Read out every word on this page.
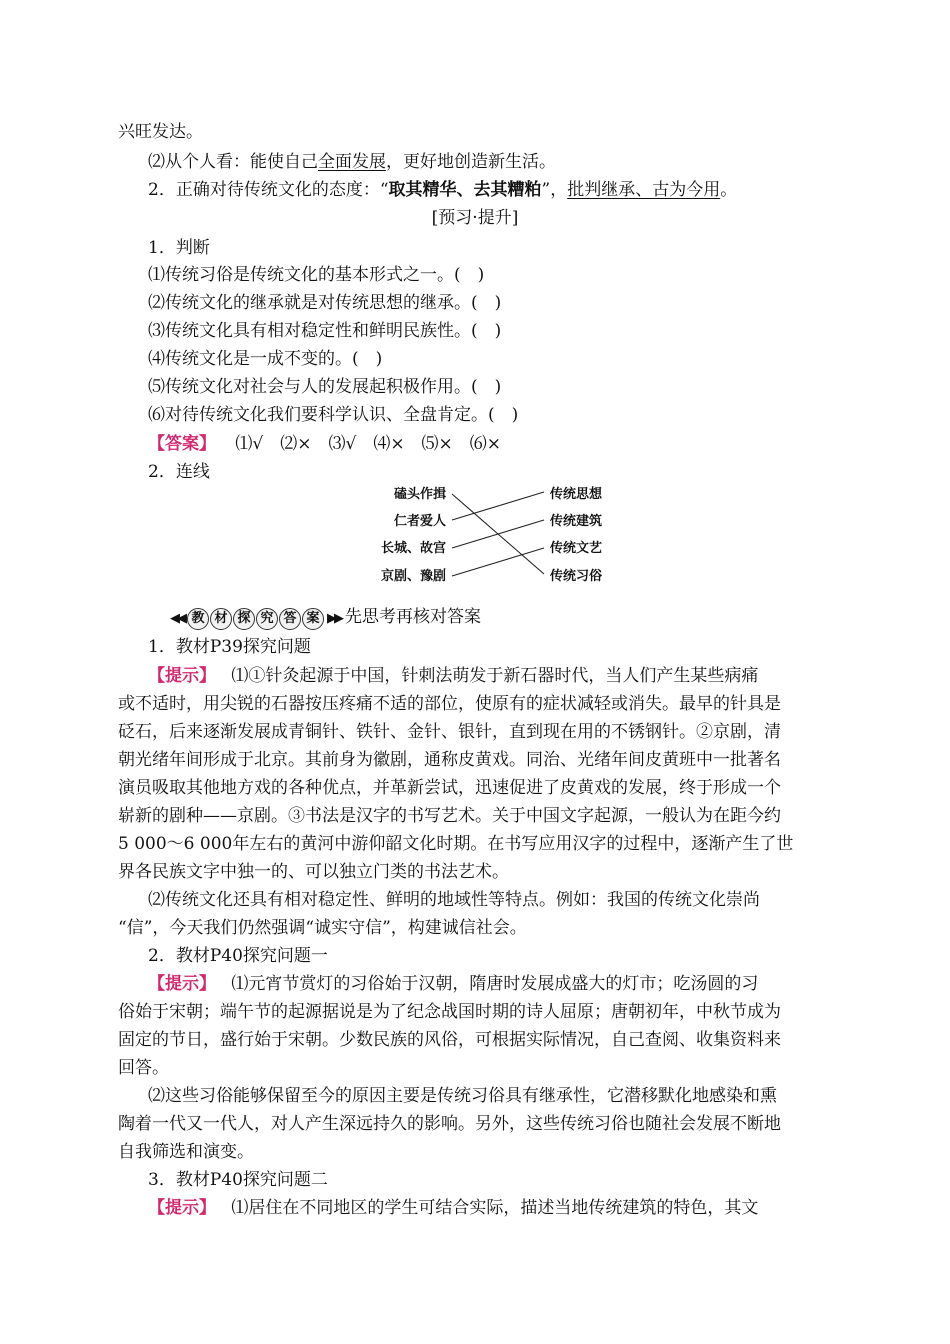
兴旺发达。
⑵从个人看：能使自己全面发展，更好地创造新生活。
2．正确对待传统文化的态度：“取其精华、去其糟粕”，批判继承、古为今用。
[预习·提升]
1．判断
⑴传统习俗是传统文化的基本形式之一。(　)
⑵传统文化的继承就是对传统思想的继承。(　)
⑶传统文化具有相对稳定性和鲜明民族性。(　)
⑷传统文化是一成不变的。(　)
⑸传统文化对社会与人的发展起积极作用。(　)
⑹对待传统文化我们要科学认识、全盘肯定。(　)
【答案】 ⑴√　⑵×　⑶√　⑷×　⑸×　⑹×
2．连线
磕头作揖
仁者爱人
长城、故宫
京剧、豫剧
传统思想
传统建筑
传统文艺
传统习俗
◀◀ 教 材 探 究 答 案 ▶▶ 先思考再核对答案
1．教材P39探究问题
【提示】 ⑴①针灸起源于中国，针刺法萌发于新石器时代，当人们产生某些病痛
或不适时，用尖锐的石器按压疼痛不适的部位，使原有的症状减轻或消失。最早的针具是
砭石，后来逐渐发展成青铜针、铁针、金针、银针，直到现在用的不锈钢针。②京剧，清
朝光绪年间形成于北京。其前身为徽剧，通称皮黄戏。同治、光绪年间皮黄班中一批著名
演员吸取其他地方戏的各种优点，并革新尝试，迅速促进了皮黄戏的发展，终于形成一个
崭新的剧种——京剧。③书法是汉字的书写艺术。关于中国文字起源，一般认为在距今约
5 000～6 000年左右的黄河中游仰韶文化时期。在书写应用汉字的过程中，逐渐产生了世
界各民族文字中独一的、可以独立门类的书法艺术。
⑵传统文化还具有相对稳定性、鲜明的地域性等特点。例如：我国的传统文化崇尚
“信”，今天我们仍然强调“诚实守信”，构建诚信社会。
2．教材P40探究问题一
【提示】 ⑴元宵节赏灯的习俗始于汉朝，隋唐时发展成盛大的灯市；吃汤圆的习
俗始于宋朝；端午节的起源据说是为了纪念战国时期的诗人屈原；唐朝初年，中秋节成为
固定的节日，盛行始于宋朝。少数民族的风俗，可根据实际情况，自己查阅、收集资料来
回答。
⑵这些习俗能够保留至今的原因主要是传统习俗具有继承性，它潜移默化地感染和熏
陶着一代又一代人，对人产生深远持久的影响。另外，这些传统习俗也随社会发展不断地
自我筛选和演变。
3．教材P40探究问题二
【提示】 ⑴居住在不同地区的学生可结合实际，描述当地传统建筑的特色，其文
